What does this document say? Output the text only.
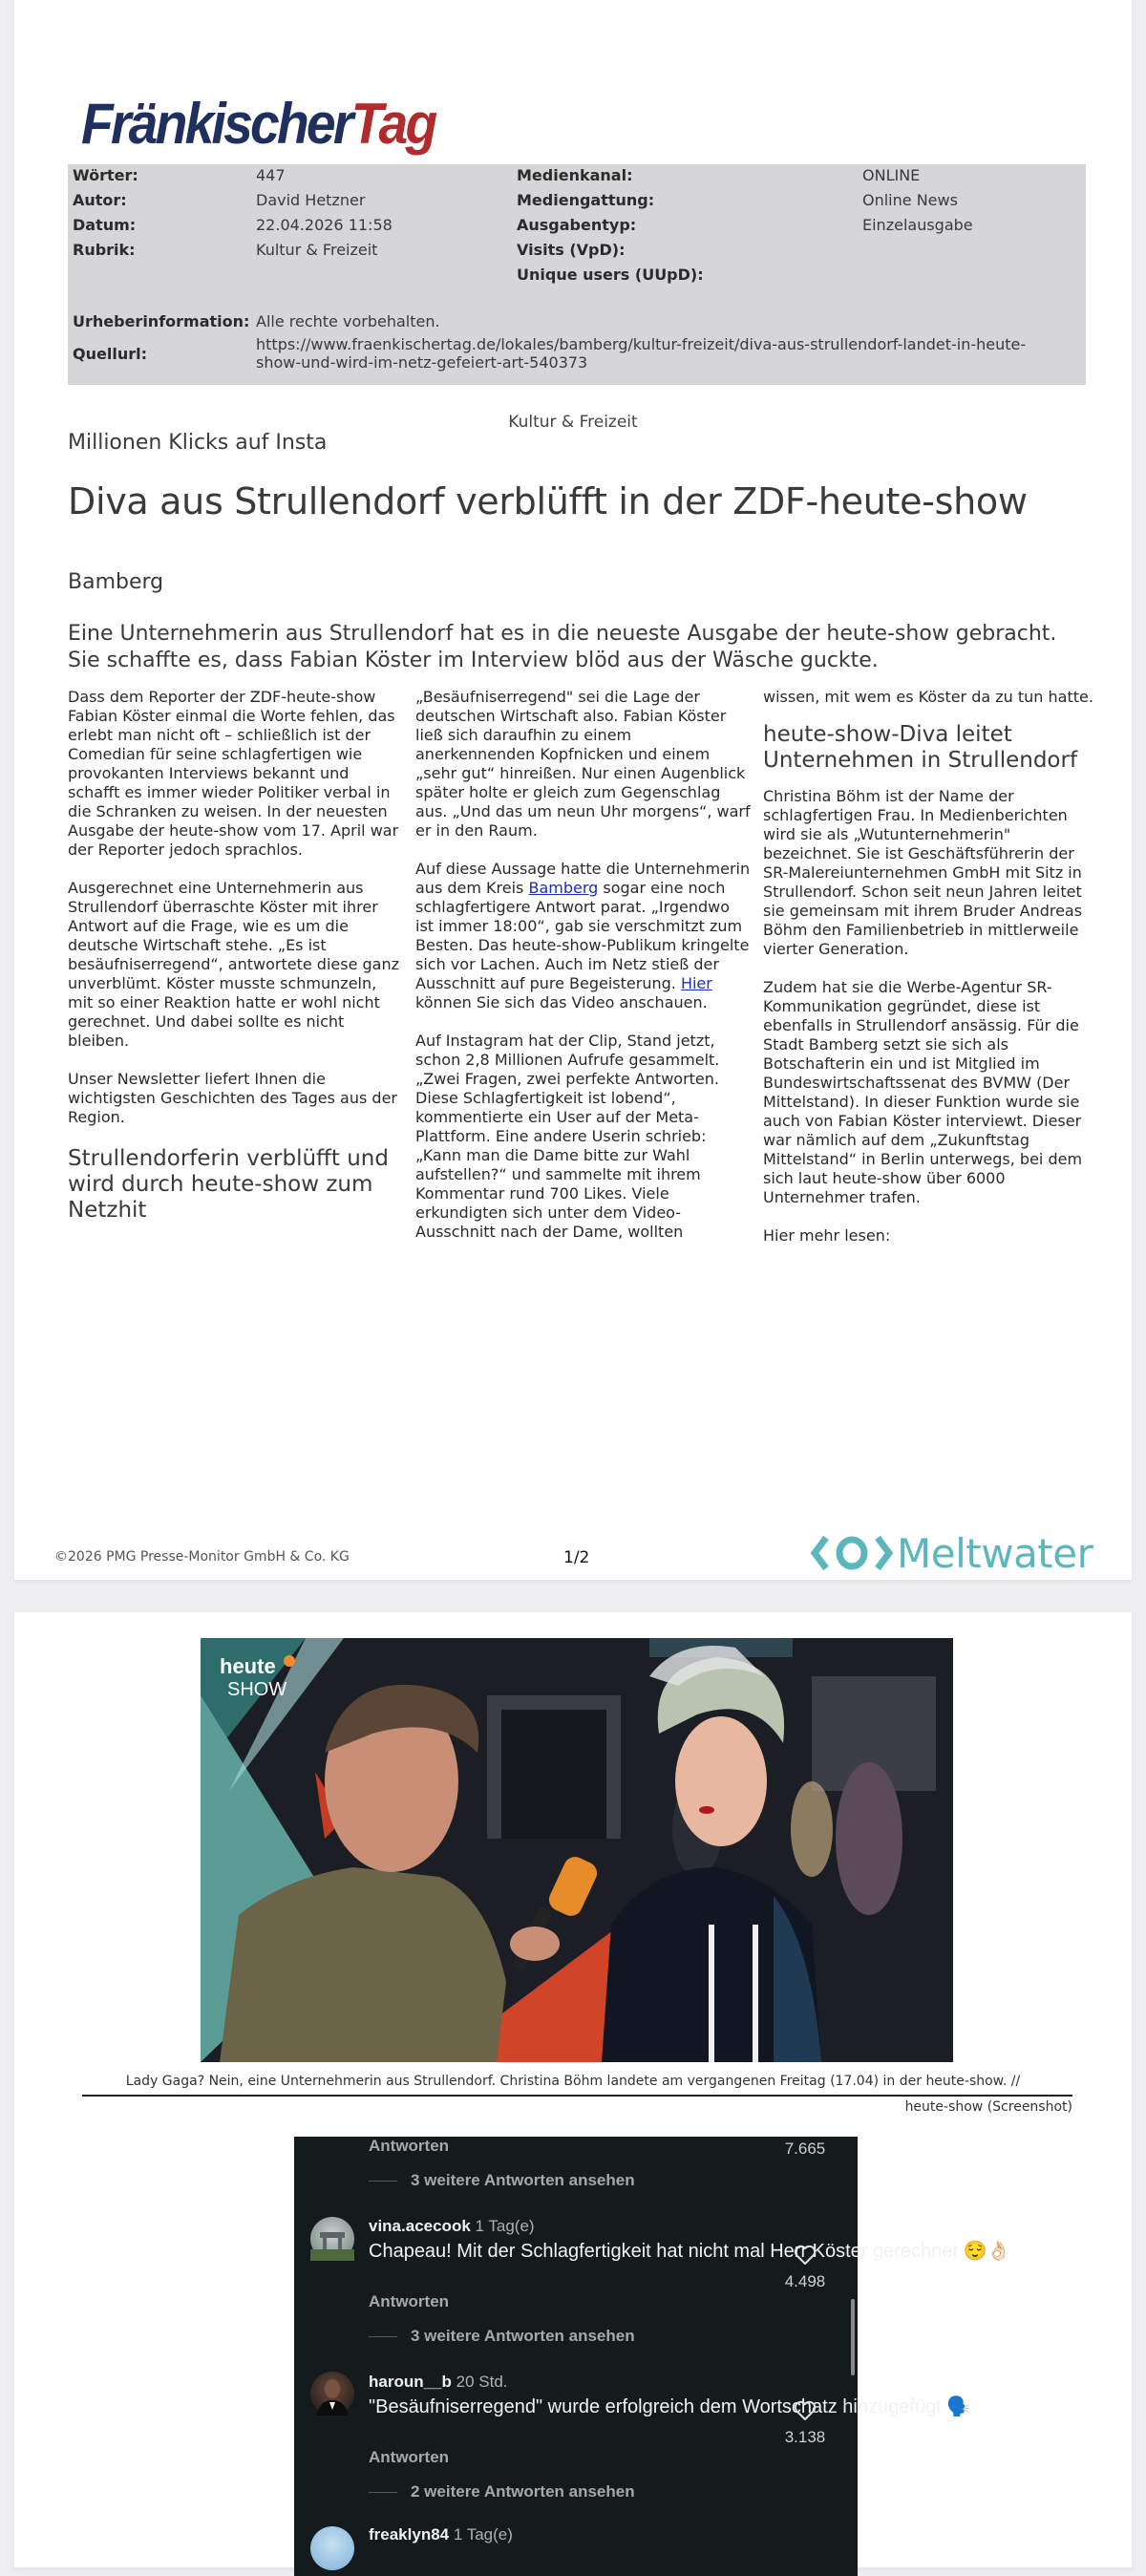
Fränkischer Tag
Wörter:	447
Autor:	David Hetzner
Datum:	22.04.2026 11:58
Rubrik:	Kultur & Freizeit
Medienkanal:	ONLINE
Mediengattung:	Online News
Ausgabentyp:	Einzelausgabe
Visits (VpD):
Unique users (UUpD):
Urheberinformation: Alle rechte vorbehalten.
Quellurl:
https://www.fraenkischertag.de/lokales/bamberg/kultur-freizeit/diva-aus-strullendorf-landet-in-heute-
show-und-wird-im-netz-gefeiert-art-540373
Kultur & Freizeit
Millionen Klicks auf Insta
Diva aus Strullendorf verblüfft in der ZDF-heute-show
Bamberg
Eine Unternehmerin aus Strullendorf hat es in die neueste Ausgabe der heute-show gebracht. Sie schaffte es, dass Fabian Köster im Interview blöd aus der Wäsche guckte.

Dass dem Reporter der ZDF-heute-show Fabian Köster einmal die Worte fehlen, das erlebt man nicht oft – schließlich ist der Comedian für seine schlagfertigen wie provokanten Interviews bekannt und schafft es immer wieder Politiker verbal in die Schranken zu weisen. In der neuesten Ausgabe der heute-show vom 17. April war der Reporter jedoch sprachlos.

Ausgerechnet eine Unternehmerin aus Strullendorf überraschte Köster mit ihrer Antwort auf die Frage, wie es um die deutsche Wirtschaft stehe. „Es ist besäufniserregend“, antwortete diese ganz unverblümt. Köster musste schmunzeln, mit so einer Reaktion hatte er wohl nicht gerechnet. Und dabei sollte es nicht bleiben.

Unser Newsletter liefert Ihnen die wichtigsten Geschichten des Tages aus der Region.

Strullendorferin verblüfft und wird durch heute-show zum Netzhit

„Besäufniserregend" sei die Lage der deutschen Wirtschaft also. Fabian Köster ließ sich daraufhin zu einem anerkennenden Kopfnicken und einem „sehr gut“ hinreißen. Nur einen Augenblick später holte er gleich zum Gegenschlag aus. „Und das um neun Uhr morgens“, warf er in den Raum.

Auf diese Aussage hatte die Unternehmerin aus dem Kreis Bamberg sogar eine noch schlagfertigere Antwort parat. „Irgendwo ist immer 18:00“, gab sie verschmitzt zum Besten. Das heute-show-Publikum kringelte sich vor Lachen. Auch im Netz stieß der Ausschnitt auf pure Begeisterung. Hier können Sie sich das Video anschauen.

Auf Instagram hat der Clip, Stand jetzt, schon 2,8 Millionen Aufrufe gesammelt. „Zwei Fragen, zwei perfekte Antworten. Diese Schlagfertigkeit ist lobend“, kommentierte ein User auf der Meta-Plattform. Eine andere Userin schrieb: „Kann man die Dame bitte zur Wahl aufstellen?“ und sammelte mit ihrem Kommentar rund 700 Likes. Viele erkundigten sich unter dem Video-Ausschnitt nach der Dame, wollten

wissen, mit wem es Köster da zu tun hatte.

heute-show-Diva leitet Unternehmen in Strullendorf

Christina Böhm ist der Name der schlagfertigen Frau. In Medienberichten wird sie als „Wutunternehmerin" bezeichnet. Sie ist Geschäftsführerin der SR-Malereiunternehmen GmbH mit Sitz in Strullendorf. Schon seit neun Jahren leitet sie gemeinsam mit ihrem Bruder Andreas Böhm den Familienbetrieb in mittlerweile vierter Generation.

Zudem hat sie die Werbe-Agentur SR-Kommunikation gegründet, diese ist ebenfalls in Strullendorf ansässig. Für die Stadt Bamberg setzt sie sich als Botschafterin ein und ist Mitglied im Bundeswirtschaftssenat des BVMW (Der Mittelstand). In dieser Funktion wurde sie auch von Fabian Köster interviewt. Dieser war nämlich auf dem „Zukunftstag Mittelstand“ in Berlin unterwegs, bei dem sich laut heute-show über 6000 Unternehmer trafen.

Hier mehr lesen:

©2026 PMG Presse-Monitor GmbH & Co. KG	1/2	Meltwater
heute
SHOW
Lady Gaga? Nein, eine Unternehmerin aus Strullendorf. Christina Böhm landete am vergangenen Freitag (17.04) in der heute-show. //
heute-show (Screenshot)
Antworten	7.665
3 weitere Antworten ansehen
vina.acecook 1 Tag(e)
Chapeau! Mit der Schlagfertigkeit hat nicht mal Herr Köster gerechnet 😌👌🏻
4.498
Antworten
3 weitere Antworten ansehen
haroun__b 20 Std.
"Besäufniserregend" wurde erfolgreich dem Wortschatz hinzugefügt 🗣️
3.138
Antworten
2 weitere Antworten ansehen
freaklyn84 1 Tag(e)
